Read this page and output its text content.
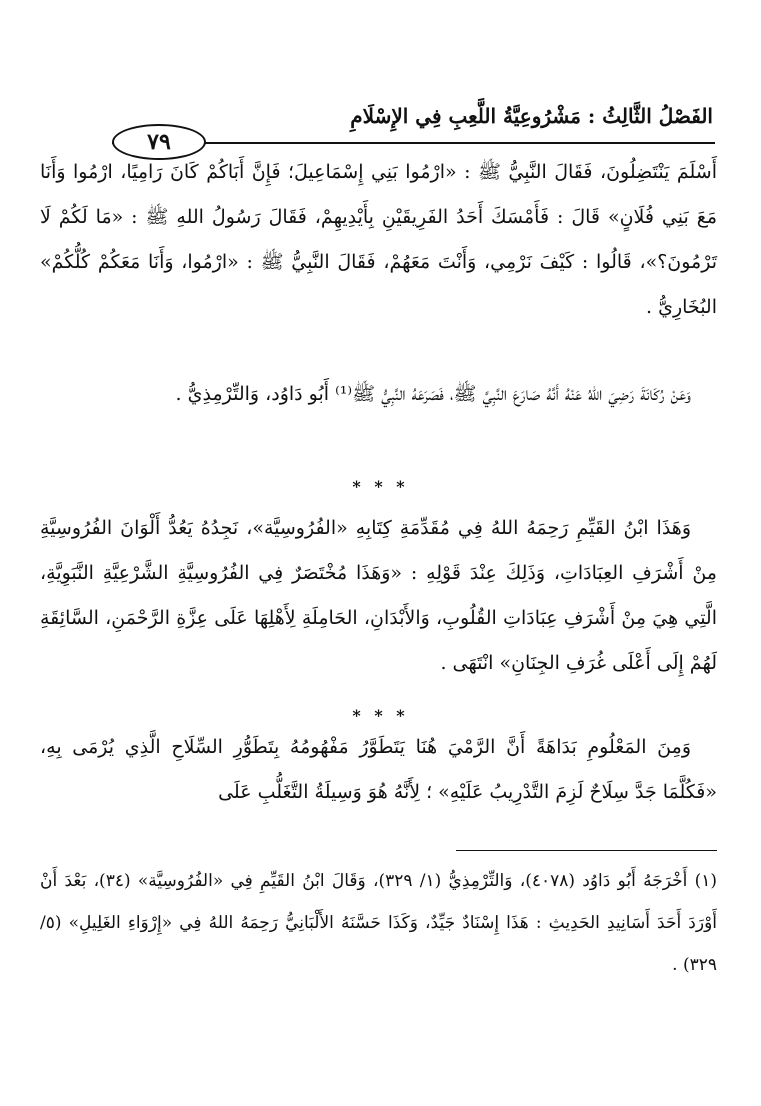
الفَصْلُ الثَّالِثُ : مَشْرُوعِيَّةُ اللَّعِبِ فِي الإِسْلَامِ
٧٩

أَسْلَمَ يَنْتَضِلُونَ، فَقَالَ النَّبِيُّ ﷺ : «ارْمُوا بَنِي إِسْمَاعِيلَ؛ فَإِنَّ أَبَاكُمْ كَانَ رَامِيًا، ارْمُوا وَأَنَا مَعَ بَنِي فُلَانٍ» قَالَ : فَأَمْسَكَ أَحَدُ الفَرِيقَيْنِ بِأَيْدِيهِمْ، فَقَالَ رَسُولُ اللهِ ﷺ : «مَا لَكُمْ لَا تَرْمُونَ؟»، قَالُوا : كَيْفَ نَرْمِي، وَأَنْتَ مَعَهُمْ، فَقَالَ النَّبِيُّ ﷺ : «ارْمُوا، وَأَنَا مَعَكُمْ كُلُّكُمْ» البُخَارِيُّ .

وَعَنْ رُكَانَةَ رَضِيَ اللهُ عَنْهُ أَنَّهُ صَارَعَ النَّبِيَّ ﷺ، فَصَرَعَهُ النَّبِيُّ ﷺ⁽¹⁾ أَبُو دَاوُد، وَالتِّرْمِذِيُّ .

* * *

وَهَذَا ابْنُ القَيِّمِ رَحِمَهُ اللهُ فِي مُقَدِّمَةِ كِتَابِهِ «الفُرُوسِيَّة»، نَجِدُهُ يَعُدُّ أَلْوَانَ الفُرُوسِيَّةِ مِنْ أَشْرَفِ العِبَادَاتِ، وَذَلِكَ عِنْدَ قَوْلِهِ : «وَهَذَا مُخْتَصَرٌ فِي الفُرُوسِيَّةِ الشَّرْعِيَّةِ النَّبَوِيَّةِ، الَّتِي هِيَ مِنْ أَشْرَفِ عِبَادَاتِ القُلُوبِ، وَالأَبْدَانِ، الحَامِلَةِ لِأَهْلِهَا عَلَى عِزَّةِ الرَّحْمَنِ، السَّائِقَةِ لَهُمْ إِلَى أَعْلَى غُرَفِ الجِنَانِ» انْتَهَى .

* * *

وَمِنَ المَعْلُومِ بَدَاهَةً أَنَّ الرَّمْيَ هُنَا يَتَطَوَّرُ مَفْهُومُهُ بِتَطَوُّرِ السِّلَاحِ الَّذِي يُرْمَى بِهِ، «فَكُلَّمَا جَدَّ سِلَاحٌ لَزِمَ التَّدْرِيبُ عَلَيْهِ» ؛ لِأَنَّهُ هُوَ وَسِيلَةُ التَّغَلُّبِ عَلَى

(١) أَخْرَجَهُ أَبُو دَاوُد (٤٠٧٨)، وَالتِّرْمِذِيُّ (١/ ٣٢٩)، وَقَالَ ابْنُ القَيِّمِ فِي «الفُرُوسِيَّة» (٣٤)، بَعْدَ أَنْ أَوْرَدَ أَحَدَ أَسَانِيدِ الحَدِيثِ : هَذَا إِسْنَادٌ جَيِّدٌ، وَكَذَا حَسَّنَهُ الأَلْبَانِيُّ رَحِمَهُ اللهُ فِي «إِرْوَاءِ الغَلِيلِ» (٥/ ٣٢٩) .
